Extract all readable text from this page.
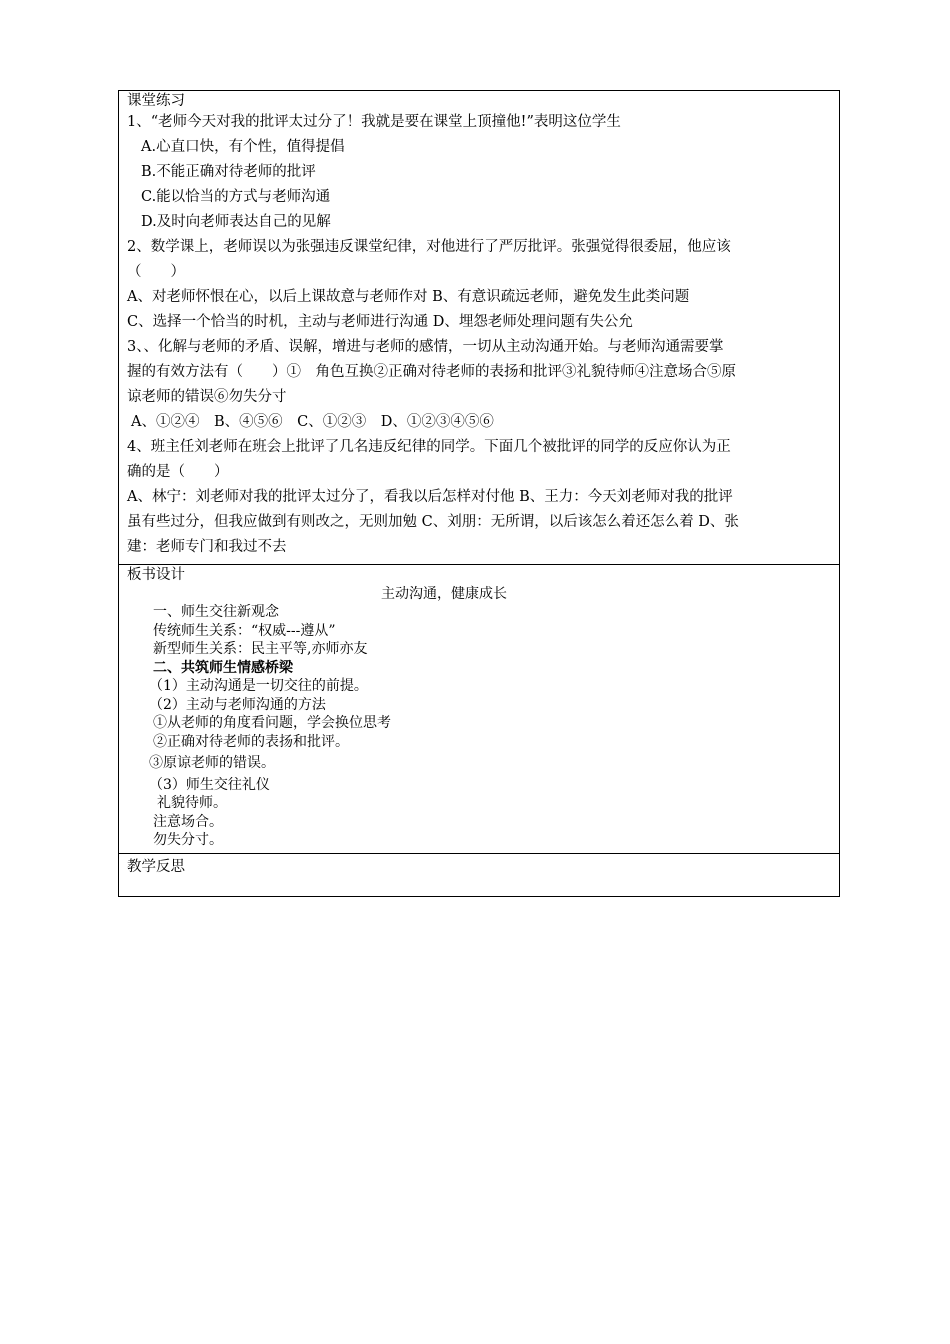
课堂练习

1、“老师今天对我的批评太过分了！我就是要在课堂上顶撞他!”表明这位学生

A.心直口快，有个性，值得提倡

B.不能正确对待老师的批评

C.能以恰当的方式与老师沟通

D.及时向老师表达自己的见解

2、数学课上，老师误以为张强违反课堂纪律，对他进行了严厉批评。张强觉得很委屈，他应该

（　　）

A、对老师怀恨在心，以后上课故意与老师作对 B、有意识疏远老师，避免发生此类问题

C、选择一个恰当的时机，主动与老师进行沟通 D、埋怨老师处理问题有失公允

3、、化解与老师的矛盾、误解，增进与老师的感情，一切从主动沟通开始。与老师沟通需要掌

握的有效方法有（　　）①　角色互换②正确对待老师的表扬和批评③礼貌待师④注意场合⑤原

谅老师的错误⑥勿失分寸

A、①②④　B、④⑤⑥　C、①②③　D、①②③④⑤⑥

4、班主任刘老师在班会上批评了几名违反纪律的同学。下面几个被批评的同学的反应你认为正

确的是（　　）

A、林宁：刘老师对我的批评太过分了，看我以后怎样对付他 B、王力：今天刘老师对我的批评

虽有些过分，但我应做到有则改之，无则加勉 C、刘朋：无所谓，以后该怎么着还怎么着 D、张

建：老师专门和我过不去

板书设计

主动沟通，健康成长

一、师生交往新观念

传统师生关系：“权威---遵从”

新型师生关系：民主平等,亦师亦友

二、共筑师生情感桥梁

（1）主动沟通是一切交往的前提。

（2）主动与老师沟通的方法

①从老师的角度看问题，学会换位思考

②正确对待老师的表扬和批评。

③原谅老师的错误。

（3）师生交往礼仪

礼貌待师。

注意场合。

勿失分寸。

教学反思
